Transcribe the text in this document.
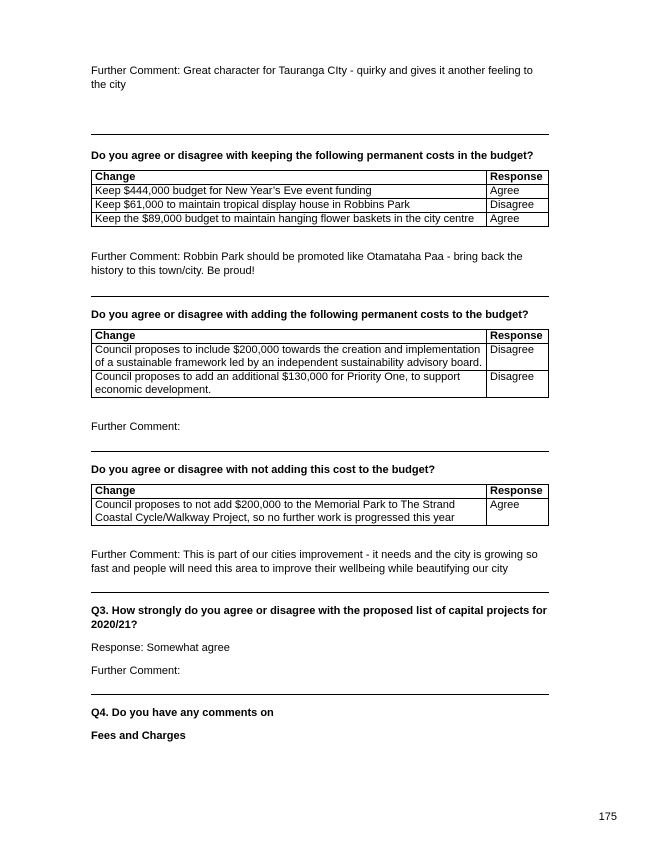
Further Comment: Great character for Tauranga CIty - quirky and gives it another feeling to the city

Do you agree or disagree with keeping the following permanent costs in the budget?

Change	Response
Keep $444,000 budget for New Year’s Eve event funding	Agree
Keep $61,000 to maintain tropical display house in Robbins Park	Disagree
Keep the $89,000 budget to maintain hanging flower baskets in the city centre	Agree

Further Comment: Robbin Park should be promoted like Otamataha Paa - bring back the history to this town/city. Be proud!

Do you agree or disagree with adding the following permanent costs to the budget?

Change	Response
Council proposes to include $200,000 towards the creation and implementation of a sustainable framework led by an independent sustainability advisory board.	Disagree
Council proposes to add an additional $130,000 for Priority One, to support economic development.	Disagree

Further Comment:

Do you agree or disagree with not adding this cost to the budget?

Change	Response
Council proposes to not add $200,000 to the Memorial Park to The Strand Coastal Cycle/Walkway Project, so no further work is progressed this year	Agree

Further Comment: This is part of our cities improvement - it needs and the city is growing so fast and people will need this area to improve their wellbeing while beautifying our city

Q3. How strongly do you agree or disagree with the proposed list of capital projects for 2020/21?

Response: Somewhat agree

Further Comment:

Q4. Do you have any comments on

Fees and Charges

175
